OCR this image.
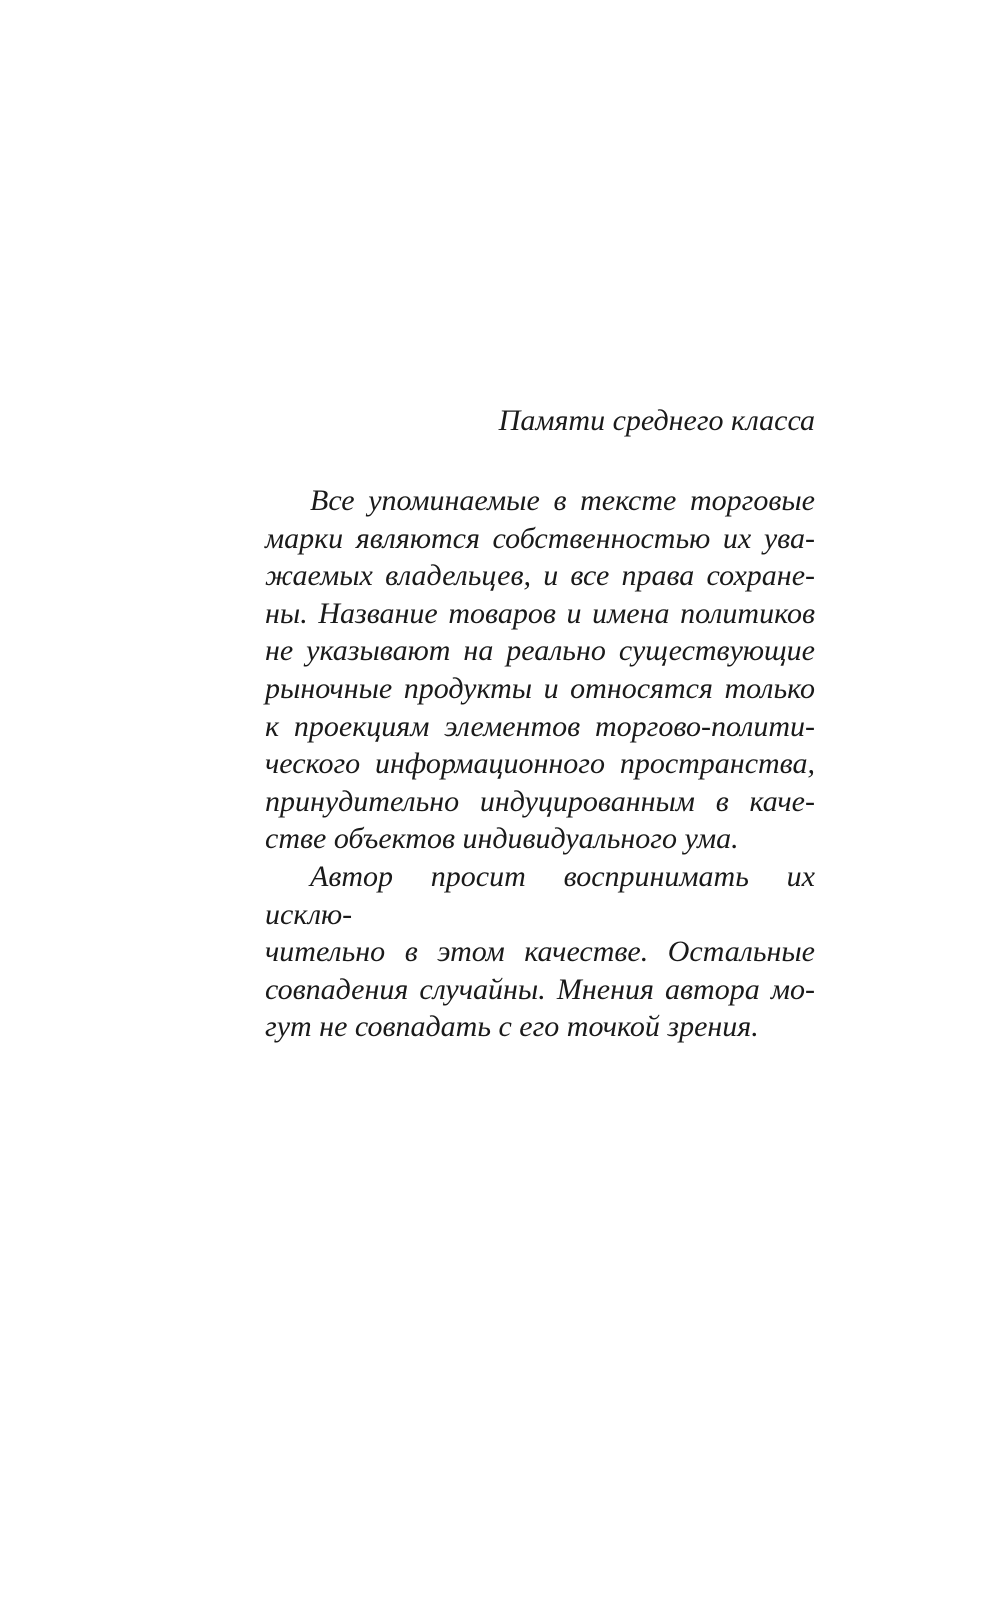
Памяти среднего класса
Все упоминаемые в тексте торговые
марки являются собственностью их ува-
жаемых владельцев, и все права сохране-
ны. Название товаров и имена политиков
не указывают на реально существующие
рыночные продукты и относятся только
к проекциям элементов торгово-полити-
ческого информационного пространства,
принудительно индуцированным в каче-
стве объектов индивидуального ума.
Автор просит воспринимать их исклю-
чительно в этом качестве. Остальные
совпадения случайны. Мнения автора мо-
гут не совпадать с его точкой зрения.
